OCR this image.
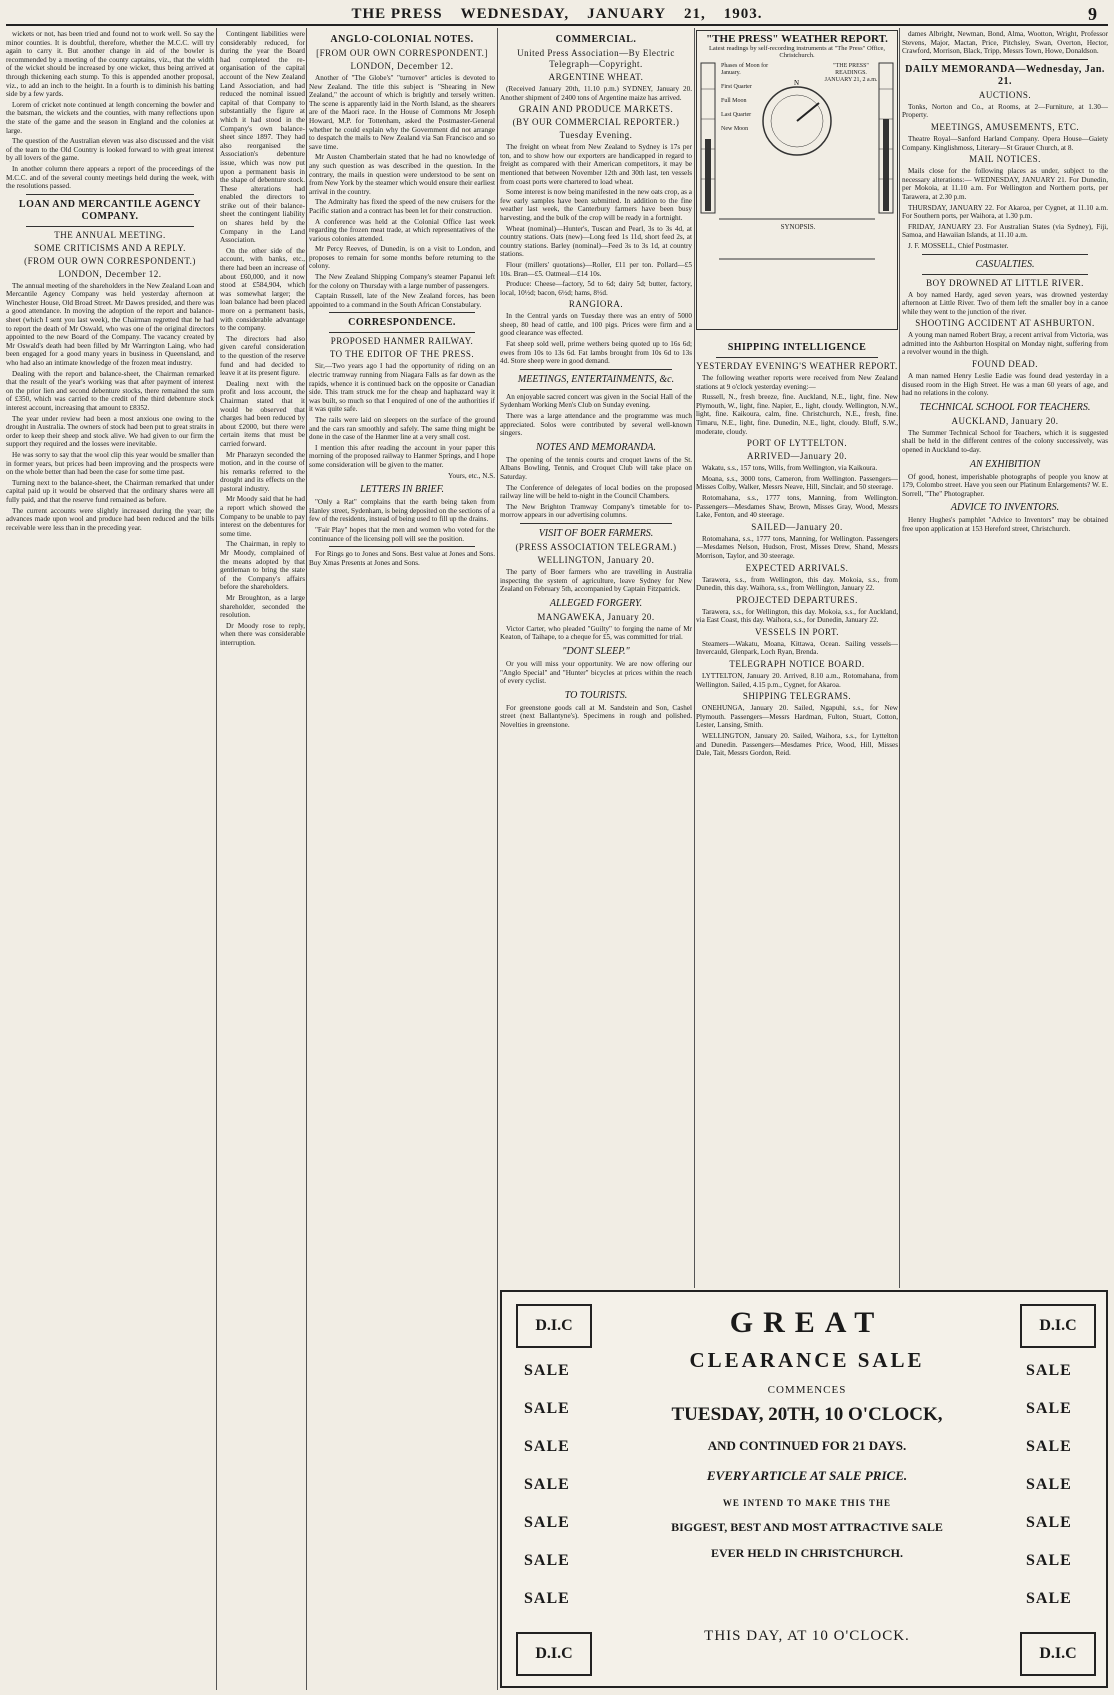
THE PRESS WEDNESDAY, JANUARY 21, 1903.	9

wickets or not, has been tried and found not to work well. So say the minor counties. It is doubtful, therefore, whether the M.C.C. will try again to carry it. But another change in aid of the bowler is recommended by a meeting of the county captains, viz., that the width of the wicket should be increased by one wicket, thus being arrived at through thickening each stump. To this is appended another proposal, viz., to add an inch to the height. In a fourth is to diminish his batting side by a few yards.

Lorem of cricket note continued at length concerning the bowler and the batsman, the wickets and the counties, with many reflections upon the state of the game and the season in England and the colonies at large.

The question of the Australian eleven was also discussed and the visit of the team to the Old Country is looked forward to with great interest by all lovers of the game.

In another column there appears a report of the proceedings of the M.C.C. and of the several county meetings held during the week, with the resolutions passed.

LOAN AND MERCANTILE AGENCY COMPANY.
THE ANNUAL MEETING.
SOME CRITICISMS AND A REPLY.
(FROM OUR OWN CORRESPONDENT.)
LONDON, December 12.

The annual meeting of the shareholders in the New Zealand Loan and Mercantile Agency Company was held yesterday afternoon at Winchester House, Old Broad Street. Mr Dawes presided, and there was a good attendance. In moving the adoption of the report and balance-sheet (which I sent you last week), the Chairman regretted that he had to report the death of Mr Oswald, who was one of the original directors appointed to the new Board of the Company. The vacancy created by Mr Oswald's death had been filled by Mr Warrington Laing, who had been engaged for a good many years in business in Queensland, and who had also an intimate knowledge of the frozen meat industry.

Dealing with the report and balance-sheet, the Chairman remarked that the result of the year's working was that after payment of interest on the prior lien and second debenture stocks, there remained the sum of £350, which was carried to the credit of the third debenture stock interest account, increasing that amount to £8352.

The year under review had been a most anxious one owing to the drought in Australia. The owners of stock had been put to great straits in order to keep their sheep and stock alive. We had given to our firm the support they required and the losses were inevitable.

He was sorry to say that the wool clip this year would be smaller than in former years, but prices had been improving and the prospects were on the whole better than had been the case for some time past.

Turning next to the balance-sheet, the Chairman remarked that under capital paid up it would be observed that the ordinary shares were all fully paid, and that the reserve fund remained as before.

The current accounts were slightly increased during the year; the advances made upon wool and produce had been reduced and the bills receivable were less than in the preceding year.

Contingent liabilities were considerably reduced, for during the year the Board had completed the re-organisation of the capital account of the New Zealand Land Association, and had reduced the nominal issued capital of that Company to substantially the figure at which it had stood in the Company's own balance-sheet since 1897. They had also reorganised the Association's debenture issue, which was now put upon a permanent basis in the shape of debenture stock. These alterations had enabled the directors to strike out of their balance-sheet the contingent liability on shares held by the Company in the Land Association.

On the other side of the account, with banks, etc., there had been an increase of about £60,000, and it now stood at £584,904, which was somewhat larger; the loan balance had been placed more on a permanent basis, with considerable advantage to the company.

The directors had also given careful consideration to the question of the reserve fund and had decided to leave it at its present figure.

Dealing next with the profit and loss account, the Chairman stated that it would be observed that charges had been reduced by about £2000, but there were certain items that must be carried forward.

Mr Pharazyn seconded the motion, and in the course of his remarks referred to the drought and its effects on the pastoral industry.

Mr Moody said that he had a report which showed the Company to be unable to pay interest on the debentures for some time.

The Chairman, in reply to Mr Moody, complained of the means adopted by that gentleman to bring the state of the Company's affairs before the shareholders.

Mr Broughton, as a large shareholder, seconded the resolution.

Dr Moody rose to reply, when there was considerable interruption.

ANGLO-COLONIAL NOTES.
[FROM OUR OWN CORRESPONDENT.]
LONDON, December 12.

Another of "The Globe's" "turnover" articles is devoted to New Zealand. The title this subject is "Shearing in New Zealand," the account of which is brightly and tersely written. The scene is apparently laid in the North Island, as the shearers are of the Maori race. In the House of Commons Mr Joseph Howard, M.P. for Tottenham, asked the Postmaster-General whether he could explain why the Government did not arrange to despatch the mails to New Zealand via San Francisco and so save time.

Mr Austen Chamberlain stated that he had no knowledge of any such question as was described in the question. In the contrary, the mails in question were understood to be sent on from New York by the steamer which would ensure their earliest arrival in the country.

The Admiralty has fixed the speed of the new cruisers for the Pacific station and a contract has been let for their construction.

A conference was held at the Colonial Office last week regarding the frozen meat trade, at which representatives of the various colonies attended.

Mr Percy Reeves, of Dunedin, is on a visit to London, and proposes to remain for some months before returning to the colony.

The New Zealand Shipping Company's steamer Papanui left for the colony on Thursday with a large number of passengers.

Captain Russell, late of the New Zealand forces, has been appointed to a command in the South African Constabulary.

CORRESPONDENCE.
PROPOSED HANMER RAILWAY.
TO THE EDITOR OF THE PRESS.

Sir,—Two years ago I had the opportunity of riding on an electric tramway running from Niagara Falls as far down as the rapids, whence it is continued back on the opposite or Canadian side. This tram struck me for the cheap and haphazard way it was built, so much so that I enquired of one of the authorities if it was quite safe.

The rails were laid on sleepers on the surface of the ground and the cars ran smoothly and safely. The same thing might be done in the case of the Hanmer line at a very small cost.

I mention this after reading the account in your paper this morning of the proposed railway to Hanmer Springs, and I hope some consideration will be given to the matter.

Yours, etc., N.S.

LETTERS IN BRIEF.

"Only a Rat" complains that the earth being taken from Hanley street, Sydenham, is being deposited on the sections of a few of the residents, instead of being used to fill up the drains.

"Fair Play" hopes that the men and women who voted for the continuance of the licensing poll will see the position.

For Rings go to Jones and Sons. Best value at Jones and Sons. Buy Xmas Presents at Jones and Sons.

COMMERCIAL.
United Press Association—By Electric Telegraph—Copyright.
ARGENTINE WHEAT.

(Received January 20th, 11.10 p.m.) SYDNEY, January 20. Another shipment of 2400 tons of Argentine maize has arrived.

GRAIN AND PRODUCE MARKETS.
(BY OUR COMMERCIAL REPORTER.)
Tuesday Evening.

The freight on wheat from New Zealand to Sydney is 17s per ton, and to show how our exporters are handicapped in regard to freight as compared with their American competitors, it may be mentioned that between November 12th and 30th last, ten vessels from coast ports were chartered to load wheat.

Some interest is now being manifested in the new oats crop, as a few early samples have been submitted. In addition to the fine weather last week, the Canterbury farmers have been busy harvesting, and the bulk of the crop will be ready in a fortnight.

Wheat (nominal)—Hunter's, Tuscan and Pearl, 3s to 3s 4d, at country stations. Oats (new)—Long feed 1s 11d, short feed 2s, at country stations. Barley (nominal)—Feed 3s to 3s 1d, at country stations.

Flour (millers' quotations)—Roller, £11 per ton. Pollard—£5 10s. Bran—£5. Oatmeal—£14 10s.

Produce: Cheese—factory, 5d to 6d; dairy 5d; butter, factory, local, 10½d; bacon, 6½d; hams, 8½d.

RANGIORA.

In the Central yards on Tuesday there was an entry of 5000 sheep, 80 head of cattle, and 100 pigs. Prices were firm and a good clearance was effected.

Fat sheep sold well, prime wethers being quoted up to 16s 6d; ewes from 10s to 13s 6d. Fat lambs brought from 10s 6d to 13s 4d. Store sheep were in good demand.

MEETINGS, ENTERTAINMENTS, &c.

An enjoyable sacred concert was given in the Social Hall of the Sydenham Working Men's Club on Sunday evening.

There was a large attendance and the programme was much appreciated. Solos were contributed by several well-known singers.

NOTES AND MEMORANDA.

The opening of the tennis courts and croquet lawns of the St. Albans Bowling, Tennis, and Croquet Club will take place on Saturday.

The Conference of delegates of local bodies on the proposed railway line will be held to-night in the Council Chambers.

The New Brighton Tramway Company's timetable for to-morrow appears in our advertising columns.

VISIT OF BOER FARMERS.
(PRESS ASSOCIATION TELEGRAM.)
WELLINGTON, January 20.

The party of Boer farmers who are travelling in Australia inspecting the system of agriculture, leave Sydney for New Zealand on February 5th, accompanied by Captain Fitzpatrick.

ALLEGED FORGERY.
MANGAWEKA, January 20.

Victor Carter, who pleaded "Guilty" to forging the name of Mr Keaton, of Taihape, to a cheque for £5, was committed for trial.

"DONT SLEEP."

Or you will miss your opportunity. We are now offering our "Anglo Special" and "Hunter" bicycles at prices within the reach of every cyclist.

TO TOURISTS.

For greenstone goods call at M. Sandstein and Son, Cashel street (next Ballantyne's). Specimens in rough and polished. Novelties in greenstone.

"THE PRESS" WEATHER REPORT.
Latest readings by self-recording instruments at "The Press" Office, Christchurch.
N
Phases of Moon for January.

First Quarter

Full Moon

Last Quarter

New Moon
"THE PRESS" READINGS.
JANUARY 21, 2 a.m.
SYNOPSIS.
SHIPPING INTELLIGENCE
YESTERDAY EVENING'S WEATHER REPORT.

The following weather reports were received from New Zealand stations at 9 o'clock yesterday evening:—

Russell, N., fresh breeze, fine. Auckland, N.E., light, fine. New Plymouth, W., light, fine. Napier, E., light, cloudy. Wellington, N.W., light, fine. Kaikoura, calm, fine. Christchurch, N.E., fresh, fine. Timaru, N.E., light, fine. Dunedin, N.E., light, cloudy. Bluff, S.W., moderate, cloudy.

PORT OF LYTTELTON.
ARRIVED—January 20.

Wakatu, s.s., 157 tons, Wills, from Wellington, via Kaikoura.

Moana, s.s., 3000 tons, Cameron, from Wellington. Passengers—Misses Colby, Walker, Messrs Neave, Hill, Sinclair, and 50 steerage.

Rotomahana, s.s., 1777 tons, Manning, from Wellington. Passengers—Mesdames Shaw, Brown, Misses Gray, Wood, Messrs Lake, Fenton, and 40 steerage.

SAILED—January 20.

Rotomahana, s.s., 1777 tons, Manning, for Wellington. Passengers—Mesdames Nelson, Hudson, Frost, Misses Drew, Shand, Messrs Morrison, Taylor, and 30 steerage.

EXPECTED ARRIVALS.

Tarawera, s.s., from Wellington, this day. Mokoia, s.s., from Dunedin, this day. Waihora, s.s., from Wellington, January 22.

PROJECTED DEPARTURES.

Tarawera, s.s., for Wellington, this day. Mokoia, s.s., for Auckland, via East Coast, this day. Waihora, s.s., for Dunedin, January 22.

VESSELS IN PORT.

Steamers—Wakatu, Moana, Kittawa, Ocean. Sailing vessels—Invercauld, Glenpark, Loch Ryan, Brenda.

TELEGRAPH NOTICE BOARD.

LYTTELTON, January 20. Arrived, 8.10 a.m., Rotomahana, from Wellington. Sailed, 4.15 p.m., Cygnet, for Akaroa.

SHIPPING TELEGRAMS.

ONEHUNGA, January 20. Sailed, Ngapuhi, s.s., for New Plymouth. Passengers—Messrs Hardman, Fulton, Stuart, Cotton, Lester, Lansing, Smith.

WELLINGTON, January 20. Sailed, Waihora, s.s., for Lyttelton and Dunedin. Passengers—Mesdames Price, Wood, Hill, Misses Dale, Tait, Messrs Gordon, Reid.

dames Albright, Newman, Bond, Alma, Wootton, Wright, Professor Stevens, Major, Mactan, Price, Pitchsley, Swan, Overton, Hector, Crawford, Morrison, Black, Tripp, Messrs Town, Howe, Donaldson.

DAILY MEMORANDA—Wednesday, Jan. 21.
AUCTIONS.

Tonks, Norton and Co., at Rooms, at 2—Furniture, at 1.30—Property.

MEETINGS, AMUSEMENTS, ETC.

Theatre Royal—Sanford Harland Company. Opera House—Gaiety Company. Kinglishmoss, Literary—St Grauer Church, at 8.

MAIL NOTICES.

Mails close for the following places as under, subject to the necessary alterations:— WEDNESDAY, JANUARY 21. For Dunedin, per Mokoia, at 11.10 a.m. For Wellington and Northern ports, per Tarawera, at 2.30 p.m.

THURSDAY, JANUARY 22. For Akaroa, per Cygnet, at 11.10 a.m. For Southern ports, per Waihora, at 1.30 p.m.

FRIDAY, JANUARY 23. For Australian States (via Sydney), Fiji, Samoa, and Hawaiian Islands, at 11.10 a.m.

J. F. MOSSELL, Chief Postmaster.

CASUALTIES.
BOY DROWNED AT LITTLE RIVER.

A boy named Hardy, aged seven years, was drowned yesterday afternoon at Little River. Two of them left the smaller boy in a canoe while they went to the junction of the river.

SHOOTING ACCIDENT AT ASHBURTON.

A young man named Robert Bray, a recent arrival from Victoria, was admitted into the Ashburton Hospital on Monday night, suffering from a revolver wound in the thigh.

FOUND DEAD.

A man named Henry Leslie Eadie was found dead yesterday in a disused room in the High Street. He was a man 60 years of age, and had no relations in the colony.

TECHNICAL SCHOOL FOR TEACHERS.
AUCKLAND, January 20.

The Summer Technical School for Teachers, which it is suggested shall be held in the different centres of the colony successively, was opened in Auckland to-day.

AN EXHIBITION

Of good, honest, imperishable photographs of people you know at 179, Colombo street. Have you seen our Platinum Enlargements? W. E. Sorrell, "The" Photographer.

ADVICE TO INVENTORS.

Henry Hughes's pamphlet "Advice to Inventors" may be obtained free upon application at 153 Hereford street, Christchurch.

D.I.C	D.I.C
D.I.C	D.I.C
SALE
SALE
SALE
SALE
SALE
SALE
SALE
SALE
SALE
SALE
SALE
SALE
SALE
SALE
GREAT
CLEARANCE SALE
COMMENCES
TUESDAY, 20TH, 10 O'CLOCK,
AND CONTINUED FOR 21 DAYS.
EVERY ARTICLE AT SALE PRICE.
WE INTEND TO MAKE THIS THE
BIGGEST, BEST AND MOST ATTRACTIVE SALE
EVER HELD IN CHRISTCHURCH.
THIS DAY, AT 10 O'CLOCK.
